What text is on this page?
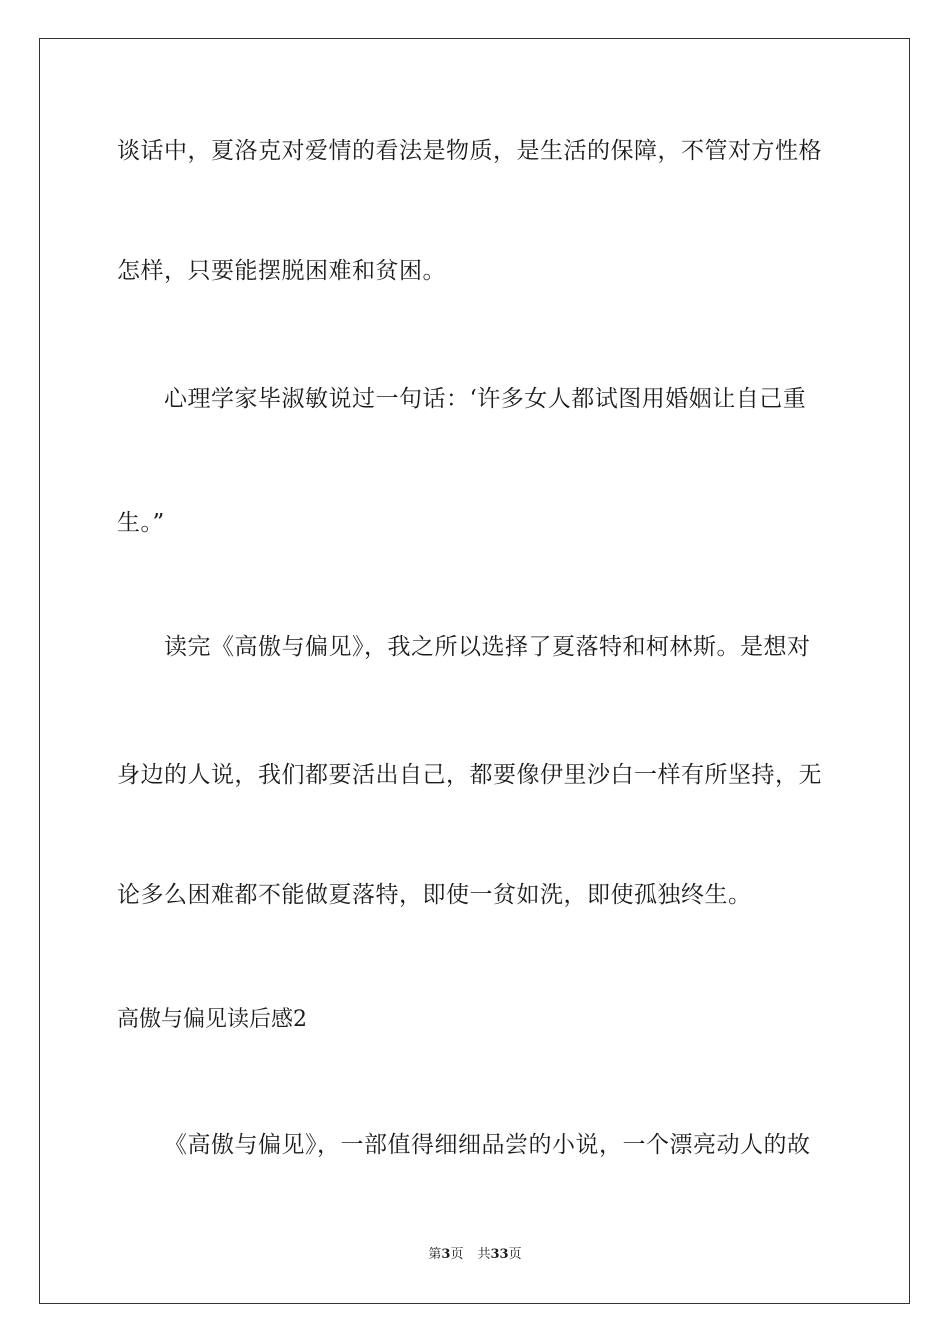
谈话中，夏洛克对爱情的看法是物质，是生活的保障，不管对方性格
怎样，只要能摆脱困难和贫困。
心理学家毕淑敏说过一句话：‘许多女人都试图用婚姻让自己重
生。”
读完《高傲与偏见》，我之所以选择了夏落特和柯林斯。是想对
身边的人说，我们都要活出自己，都要像伊里沙白一样有所坚持，无
论多么困难都不能做夏落特，即使一贫如洗，即使孤独终生。
高傲与偏见读后感2
《高傲与偏见》，一部值得细细品尝的小说，一个漂亮动人的故
第3页 共33页
